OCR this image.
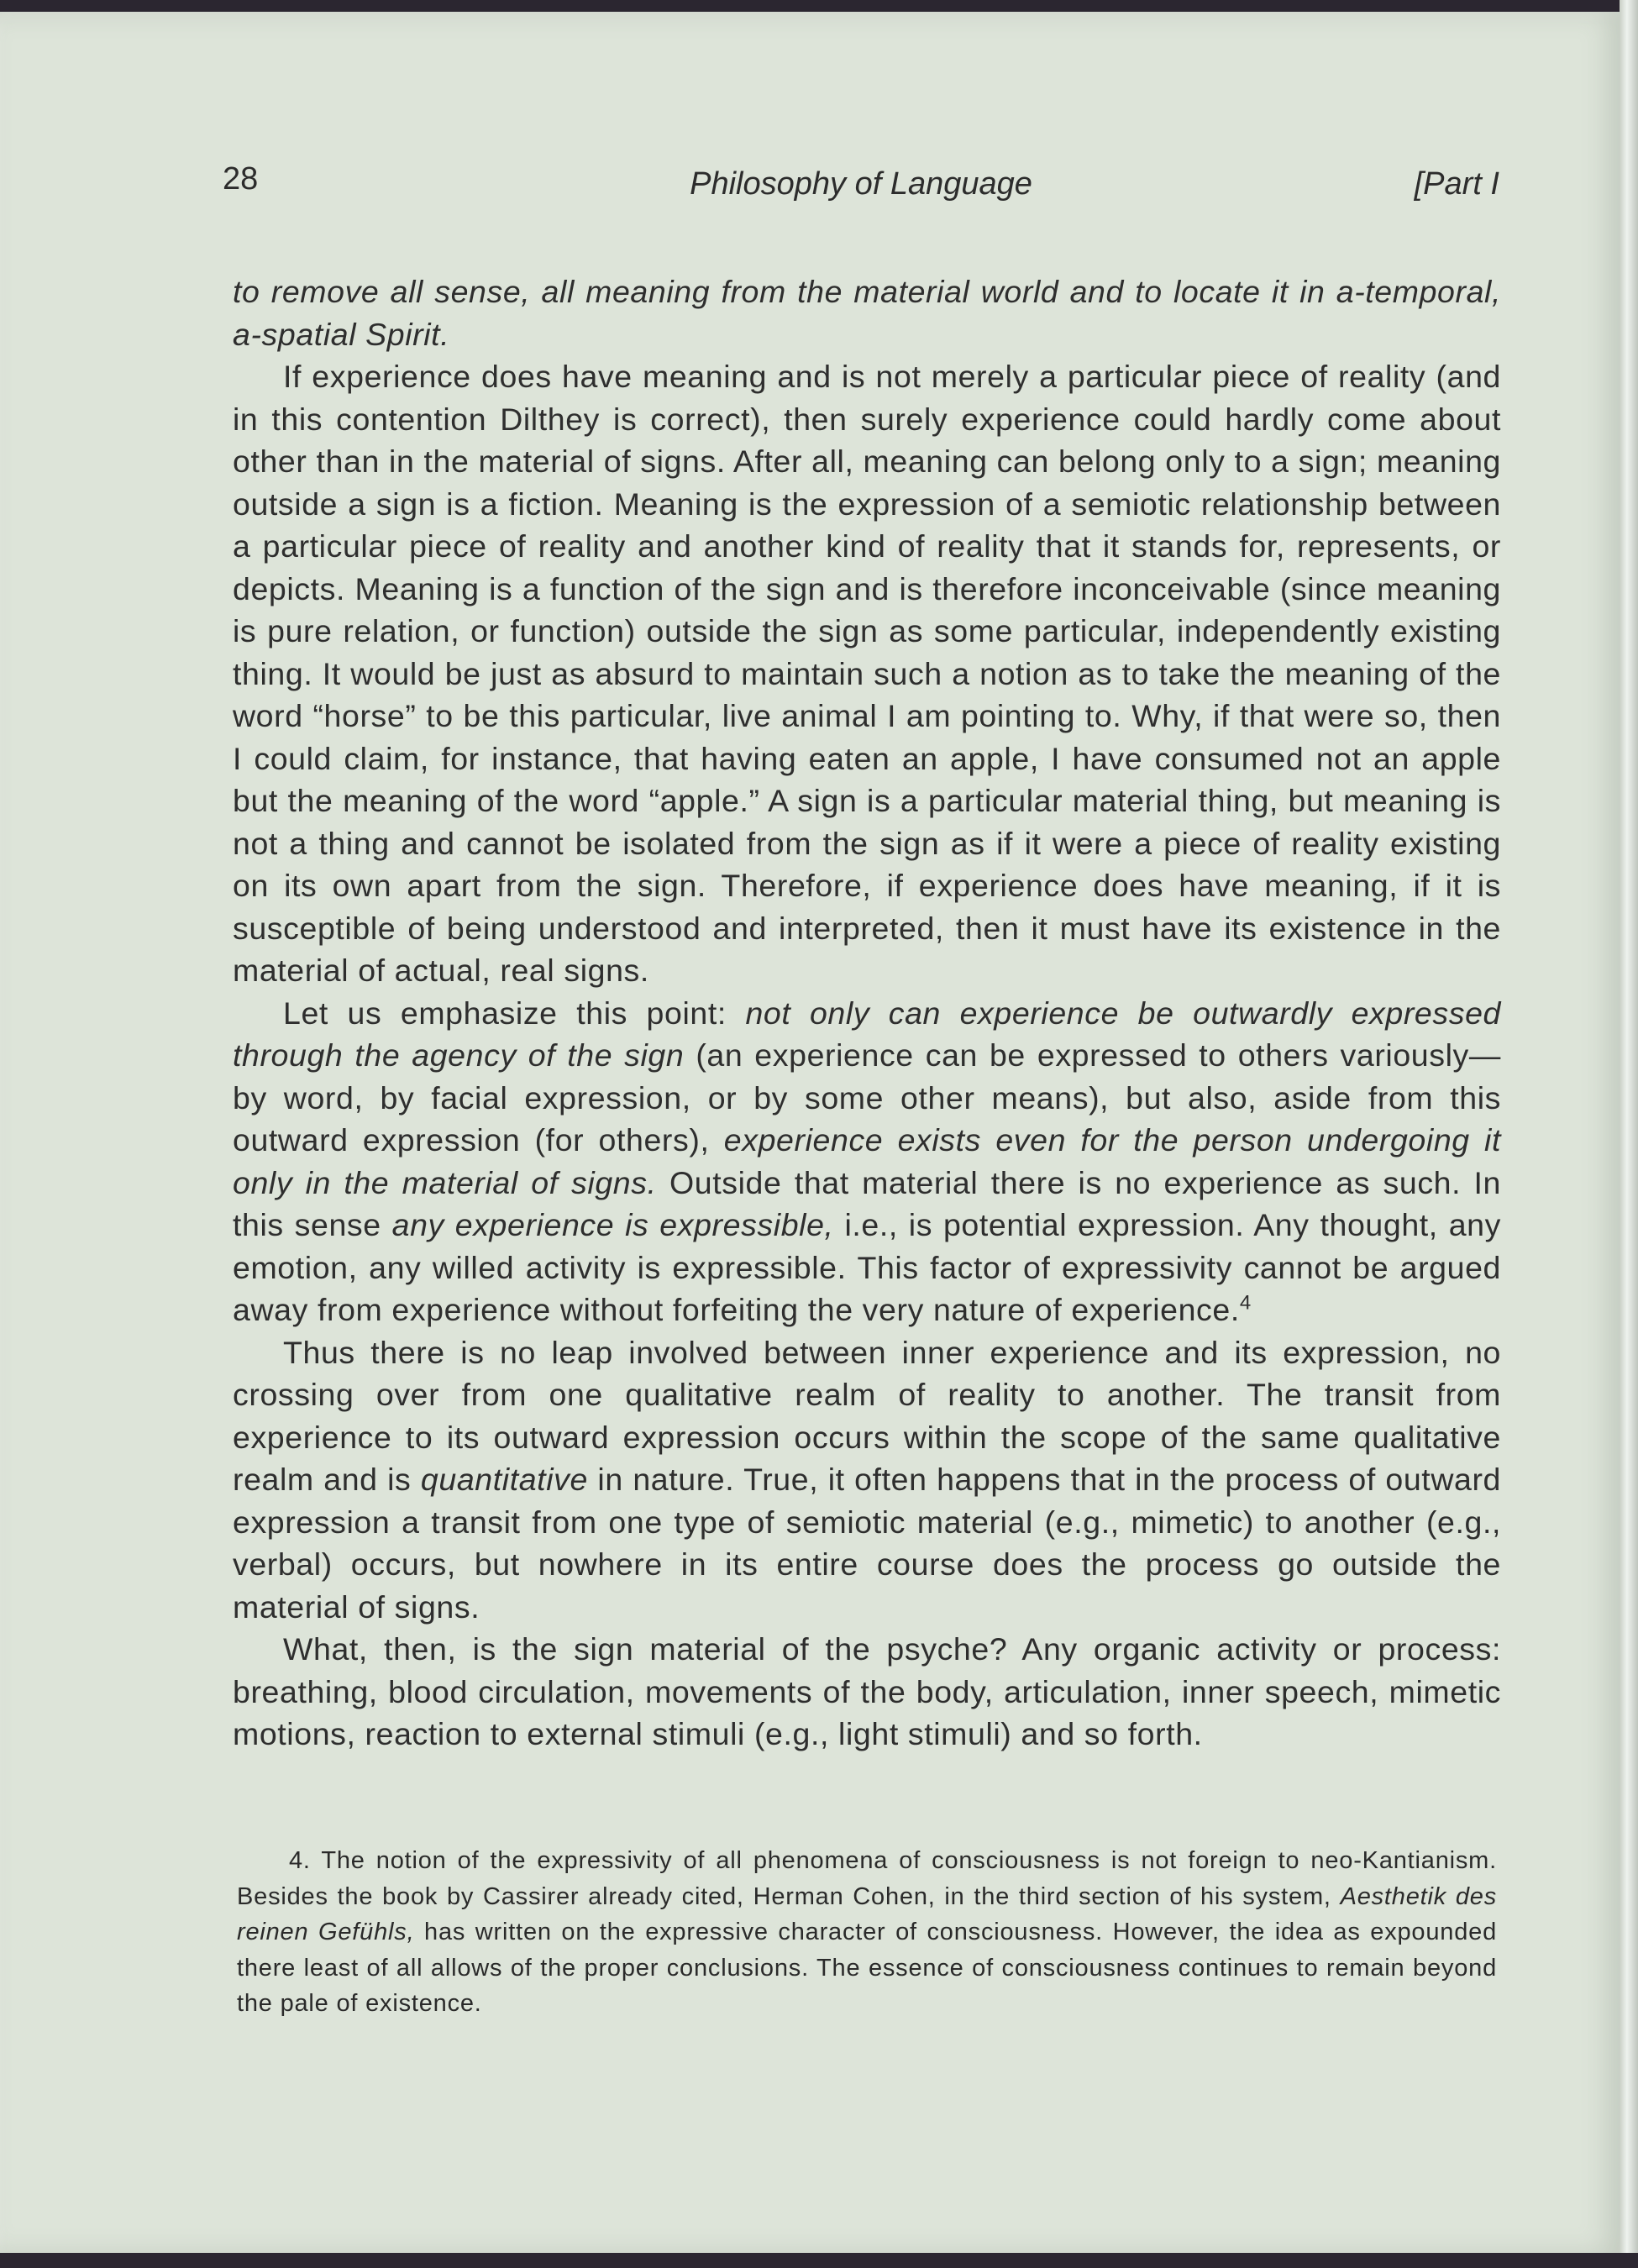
28	Philosophy of Language	[Part I

to remove all sense, all meaning from the material world and to locate it in a-temporal, a-spatial Spirit.

If experience does have meaning and is not merely a particular piece of reality (and in this contention Dilthey is correct), then surely experience could hardly come about other than in the material of signs. After all, meaning can belong only to a sign; meaning outside a sign is a fiction. Meaning is the expression of a semiotic relationship between a particular piece of reality and another kind of reality that it stands for, represents, or depicts. Meaning is a function of the sign and is therefore inconceivable (since meaning is pure relation, or function) outside the sign as some particular, independently existing thing. It would be just as absurd to maintain such a notion as to take the meaning of the word “horse” to be this particular, live animal I am pointing to. Why, if that were so, then I could claim, for instance, that having eaten an apple, I have consumed not an apple but the meaning of the word “apple.” A sign is a particular material thing, but meaning is not a thing and cannot be isolated from the sign as if it were a piece of reality existing on its own apart from the sign. Therefore, if experience does have meaning, if it is susceptible of being understood and interpreted, then it must have its existence in the material of actual, real signs.

Let us emphasize this point: not only can experience be outwardly expressed through the agency of the sign (an experience can be expressed to others variously— by word, by facial expression, or by some other means), but also, aside from this outward expression (for others), experience exists even for the person undergoing it only in the material of signs. Outside that material there is no experience as such. In this sense any experience is expressible, i.e., is potential expression. Any thought, any emotion, any willed activity is expressible. This factor of expressivity cannot be argued away from experience without forfeiting the very nature of experience.$^4$

Thus there is no leap involved between inner experience and its expression, no crossing over from one qualitative realm of reality to another. The transit from experience to its outward expression occurs within the scope of the same qualitative realm and is quantitative in nature. True, it often happens that in the process of outward expression a transit from one type of semiotic material (e.g., mimetic) to another (e.g., verbal) occurs, but nowhere in its entire course does the process go outside the material of signs.

What, then, is the sign material of the psyche? Any organic activity or process: breathing, blood circulation, movements of the body, articulation, inner speech, mimetic motions, reaction to external stimuli (e.g., light stimuli) and so forth.

4. The notion of the expressivity of all phenomena of consciousness is not foreign to neo-Kantianism. Besides the book by Cassirer already cited, Herman Cohen, in the third section of his system, Aesthetik des reinen Gefühls, has written on the expressive character of consciousness. However, the idea as expounded there least of all allows of the proper conclusions. The essence of consciousness continues to remain beyond the pale of existence.
